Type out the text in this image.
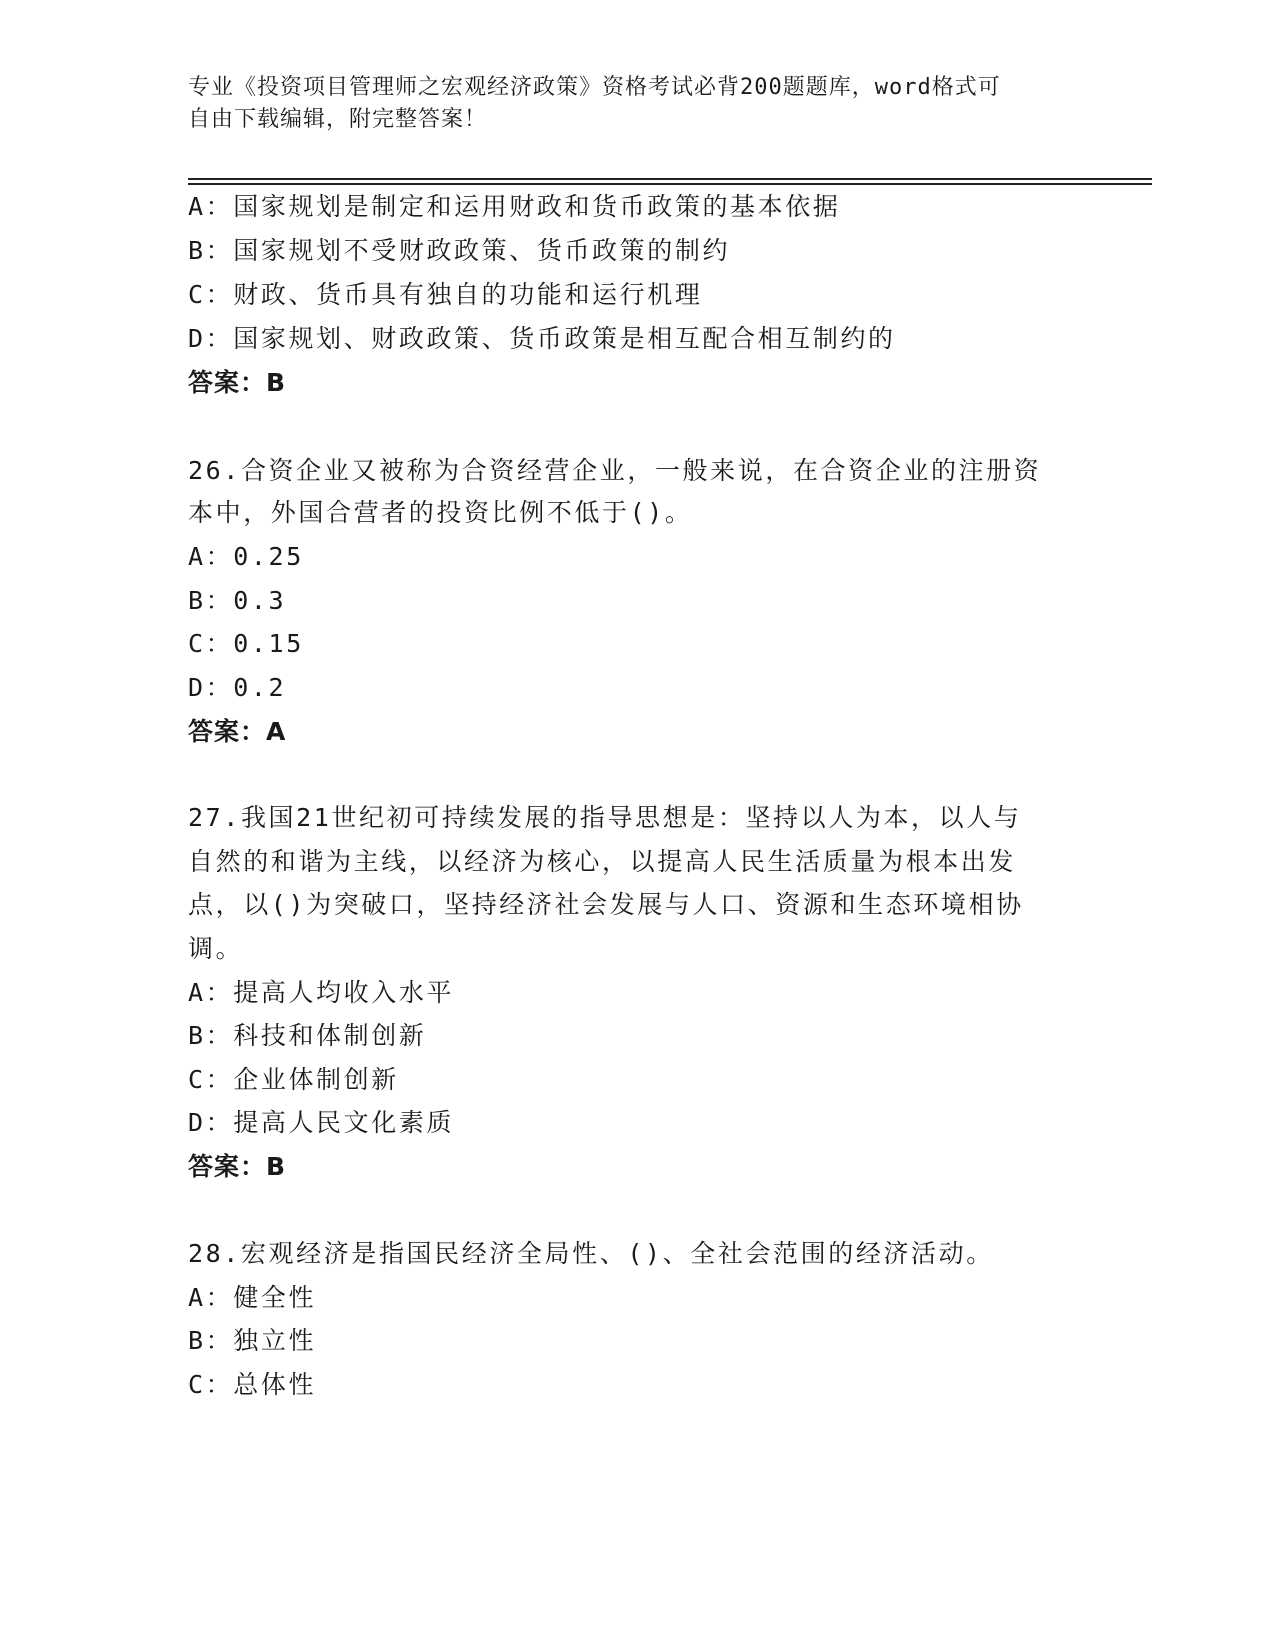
专业《投资项目管理师之宏观经济政策》资格考试必背200题题库，word格式可
自由下载编辑，附完整答案！
A：国家规划是制定和运用财政和货币政策的基本依据
B：国家规划不受财政政策、货币政策的制约
C：财政、货币具有独自的功能和运行机理
D：国家规划、财政政策、货币政策是相互配合相互制约的
答案：B
26.合资企业又被称为合资经营企业，一般来说，在合资企业的注册资
本中，外国合营者的投资比例不低于()。
A：0.25
B：0.3
C：0.15
D：0.2
答案：A
27.我国21世纪初可持续发展的指导思想是：坚持以人为本，以人与
自然的和谐为主线，以经济为核心，以提高人民生活质量为根本出发
点，以()为突破口，坚持经济社会发展与人口、资源和生态环境相协
调。
A：提高人均收入水平
B：科技和体制创新
C：企业体制创新
D：提高人民文化素质
答案：B
28.宏观经济是指国民经济全局性、()、全社会范围的经济活动。
A：健全性
B：独立性
C：总体性
